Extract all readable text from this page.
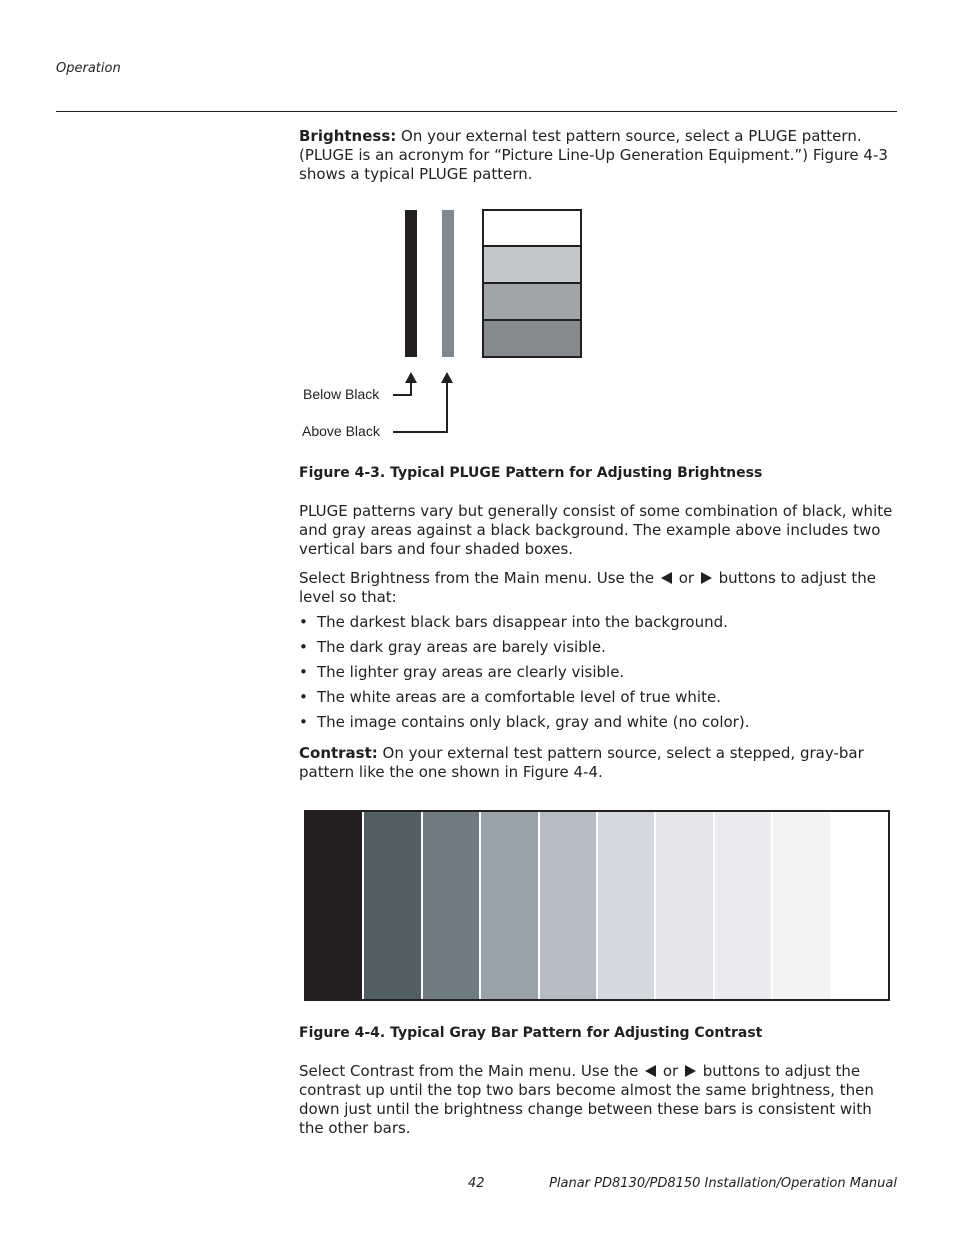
Operation
Brightness: On your external test pattern source, select a PLUGE pattern. (PLUGE is an acronym for “Picture Line-Up Generation Equipment.”) Figure 4-3 shows a typical PLUGE pattern.
Below Black
Above Black
Figure 4-3. Typical PLUGE Pattern for Adjusting Brightness
PLUGE patterns vary but generally consist of some combination of black, white and gray areas against a black background. The example above includes two vertical bars and four shaded boxes.
Select Brightness from the Main menu. Use the  or  buttons to adjust the level so that:
• The darkest black bars disappear into the background.
• The dark gray areas are barely visible.
• The lighter gray areas are clearly visible.
• The white areas are a comfortable level of true white.
• The image contains only black, gray and white (no color).
Contrast: On your external test pattern source, select a stepped, gray-bar pattern like the one shown in Figure 4-4.
Figure 4-4. Typical Gray Bar Pattern for Adjusting Contrast
Select Contrast from the Main menu. Use the  or  buttons to adjust the contrast up until the top two bars become almost the same brightness, then down just until the brightness change between these bars is consistent with the other bars.
42	Planar PD8130/PD8150 Installation/Operation Manual
